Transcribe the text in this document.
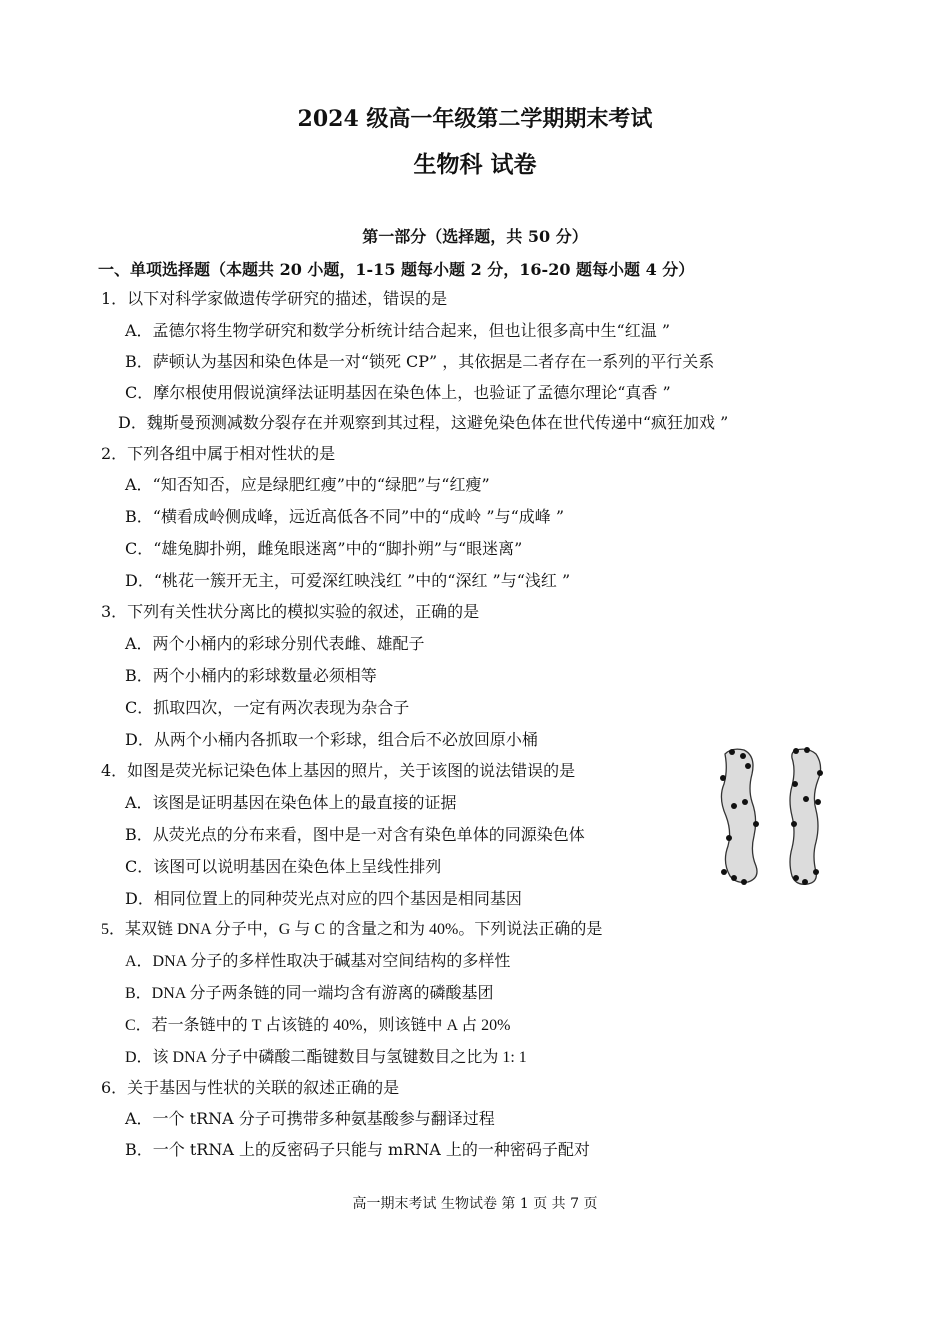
2024 级高一年级第二学期期末考试
生物科 试卷
第一部分（选择题，共 50 分）
一、单项选择题（本题共 20 小题，1-15 题每小题 2 分，16-20 题每小题 4 分）
1．以下对科学家做遗传学研究的描述，错误的是
A．孟德尔将生物学研究和数学分析统计结合起来，但也让很多高中生“红温 ”
B．萨顿认为基因和染色体是一对“锁死 CP” ，其依据是二者存在一系列的平行关系
C．摩尔根使用假说演绎法证明基因在染色体上，也验证了孟德尔理论“真香 ”
D．魏斯曼预测减数分裂存在并观察到其过程，这避免染色体在世代传递中“疯狂加戏 ”
2．下列各组中属于相对性状的是
A．“知否知否，应是绿肥红瘦”中的“绿肥”与“红瘦”
B．“横看成岭侧成峰，远近高低各不同”中的“成岭 ”与“成峰 ”
C．“雄兔脚扑朔，雌兔眼迷离”中的“脚扑朔”与“眼迷离”
D．“桃花一簇开无主，可爱深红映浅红 ”中的“深红 ”与“浅红 ”
3．下列有关性状分离比的模拟实验的叙述，正确的是
A．两个小桶内的彩球分别代表雌、雄配子
B．两个小桶内的彩球数量必须相等
C．抓取四次，一定有两次表现为杂合子
D．从两个小桶内各抓取一个彩球，组合后不必放回原小桶
4．如图是荧光标记染色体上基因的照片，关于该图的说法错误的是
A．该图是证明基因在染色体上的最直接的证据
B．从荧光点的分布来看，图中是一对含有染色单体的同源染色体
C．该图可以说明基因在染色体上呈线性排列
D．相同位置上的同种荧光点对应的四个基因是相同基因
5．某双链 DNA 分子中，G 与 C 的含量之和为 40%。下列说法正确的是
A．DNA 分子的多样性取决于碱基对空间结构的多样性
B．DNA 分子两条链的同一端均含有游离的磷酸基团
C．若一条链中的 T 占该链的 40%，则该链中 A 占 20%
D．该 DNA 分子中磷酸二酯键数目与氢键数目之比为 1: 1
6．关于基因与性状的关联的叙述正确的是
A．一个 tRNA 分子可携带多种氨基酸参与翻译过程
B．一个 tRNA 上的反密码子只能与 mRNA 上的一种密码子配对
高一期末考试 生物试卷 第 1 页 共 7 页
